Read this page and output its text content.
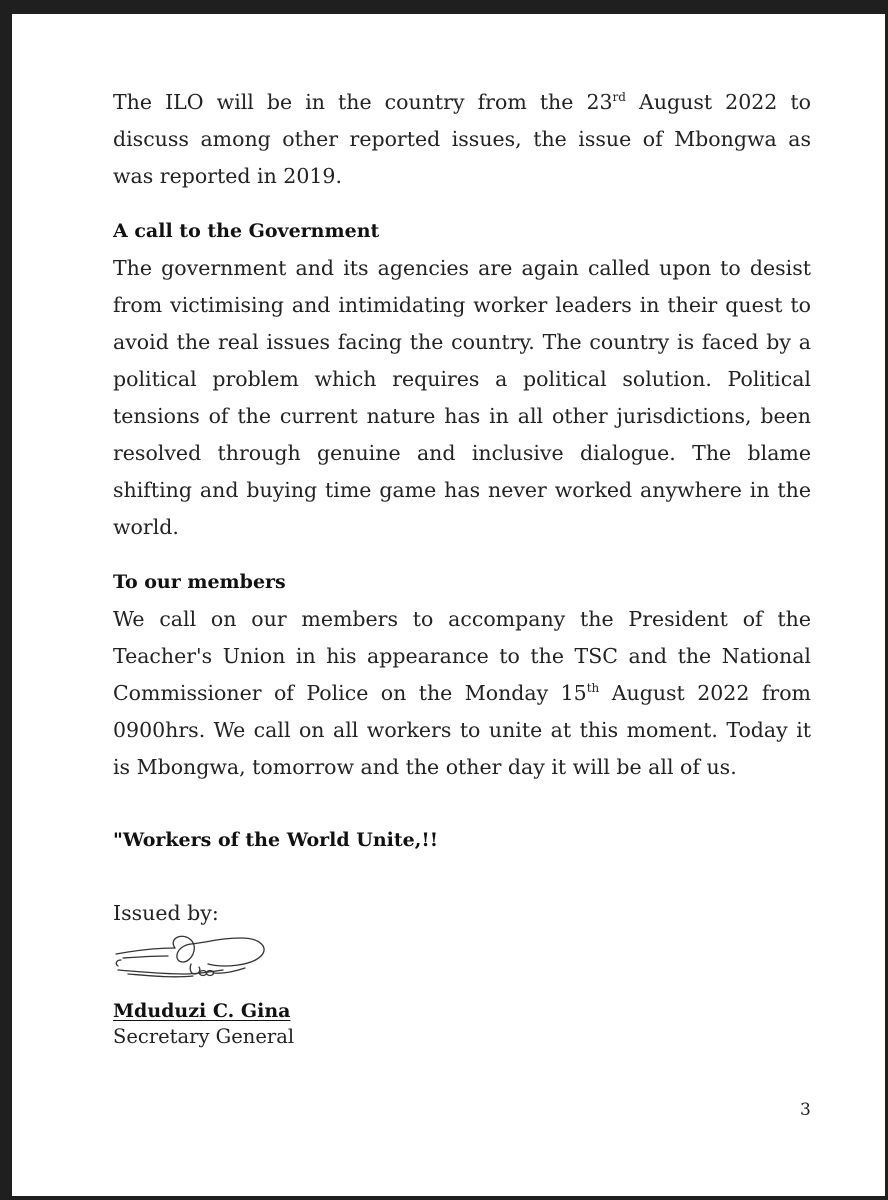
The ILO will be in the country from the 23rd August 2022 to discuss among other reported issues, the issue of Mbongwa as was reported in 2019.

A call to the Government

The government and its agencies are again called upon to desist from victimising and intimidating worker leaders in their quest to avoid the real issues facing the country. The country is faced by a political problem which requires a political solution. Political tensions of the current nature has in all other jurisdictions, been resolved through genuine and inclusive dialogue. The blame shifting and buying time game has never worked anywhere in the world.

To our members

We call on our members to accompany the President of the Teacher's Union in his appearance to the TSC and the National Commissioner of Police on the Monday 15th August 2022 from 0900hrs. We call on all workers to unite at this moment. Today it is Mbongwa, tomorrow and the other day it will be all of us.

"Workers of the World Unite,!!
Issued by:
Mduduzi C. Gina
Secretary General
3
